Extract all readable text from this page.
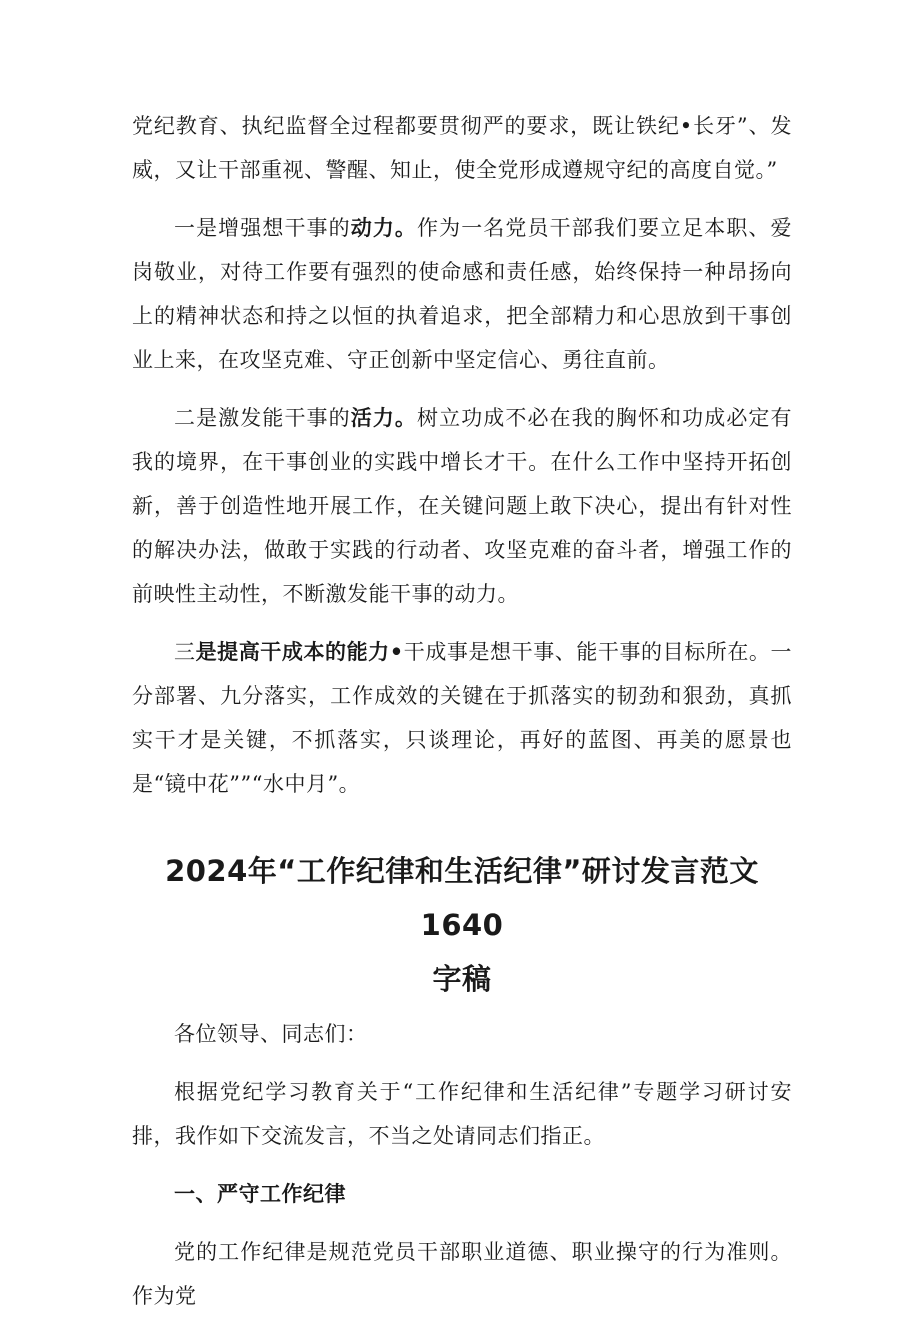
党纪教育、执纪监督全过程都要贯彻严的要求，既让铁纪•长牙”、发威，又让干部重视、警醒、知止，使全党形成遵规守纪的高度自觉。”

一是增强想干事的动力。作为一名党员干部我们要立足本职、爱岗敬业，对待工作要有强烈的使命感和责任感，始终保持一种昂扬向上的精神状态和持之以恒的执着追求，把全部精力和心思放到干事创业上来，在攻坚克难、守正创新中坚定信心、勇往直前。

二是激发能干事的活力。树立功成不必在我的胸怀和功成必定有我的境界，在干事创业的实践中增长才干。在什么工作中坚持开拓创新，善于创造性地开展工作，在关键问题上敢下决心，提出有针对性的解决办法，做敢于实践的行动者、攻坚克难的奋斗者，增强工作的前映性主动性，不断激发能干事的动力。

三是提高干成本的能力•干成事是想干事、能干事的目标所在。一分部署、九分落实，工作成效的关键在于抓落实的韧劲和狠劲，真抓实干才是关键，不抓落实，只谈理论，再好的蓝图、再美的愿景也是“镜中花””“水中月”。

2024年“工作纪律和生活纪律”研讨发言范文1640
字稿

各位领导、同志们：

根据党纪学习教育关于“工作纪律和生活纪律”专题学习研讨安排，我作如下交流发言，不当之处请同志们指正。

一、严守工作纪律

党的工作纪律是规范党员干部职业道德、职业操守的行为准则。作为党
